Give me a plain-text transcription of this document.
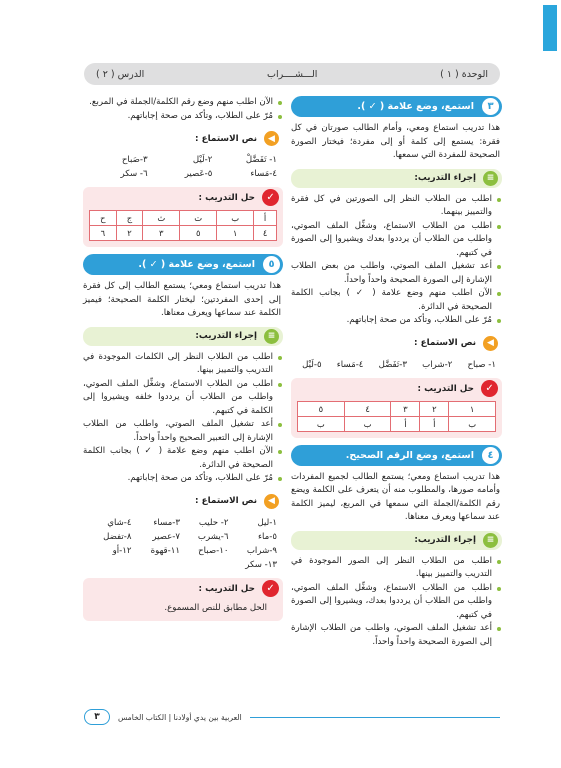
الوحدة ( ١ )
الـــشــــراب
الدرس ( ٢ )
٣
استمع، وضع علامة ( ✓ ).

هذا تدريب استماع ومعي، وأمام الطالب صورتان في كل فقرة: يستمع إلى كلمة أو إلى مفردة؛ فيختار الصورة الصحيحة للمفردة التي سمعها.

≡
إجراء التدريب:
اطلب من الطلاب النظر إلى الصورتين في كل فقرة والتمييز بينهما.
اطلب من الطلاب الاستماع، وشغِّل الملف الصوتي، واطلب من الطلاب أن يرددوا بعدك ويشيروا إلى الصورة في كتبهم.
أعد تشغيل الملف الصوتي، واطلب من بعض الطلاب الإشارة إلى الصورة الصحيحة واحداً واحداً.
الآن اطلب منهم وضع علامة ( ✓ ) بجانب الكلمة الصحيحة في الدائرة.
مُرّ على الطلاب، وتأكد من صحة إجاباتهم.
◀
نص الاستماع :
١- صباح
٢-شراب
٣-تَفَضَّل
٤-مَساء
٥-لَيْل
✓
حل التدريب :
١	٢	٣	٤	٥
ب	أ	أ	ب	ب
٤
استمع، وضع الرقم الصحيح.

هذا تدريب استماع ومعي؛ يستمع الطالب لجميع المفردات وأمامه صورها، والمطلوب منه أن يتعرف على الكلمة ويضع رقم الكلمة/الجملة التي سمعها في المربع، ليميز الكلمة عند سماعها ويعرف معناها.

≡
إجراء التدريب:
اطلب من الطلاب النظر إلى الصور الموجودة في التدريب والتمييز بينها.
اطلب من الطلاب الاستماع، وشغِّل الملف الصوتي، واطلب من الطلاب أن يرددوا بعدك، ويشيروا إلى الصورة في كتبهم.
أعد تشغيل الملف الصوتي، واطلب من الطلاب الإشارة إلى الصورة الصحيحة واحداً واحداً.
الآن اطلب منهم وضع رقم الكلمة/الجملة في المربع.
مُرّ على الطلاب، وتأكد من صحة إجاباتهم.
◀
نص الاستماع :
١- تَفَضَّلْ
٢-لَيْل
٣-صَباح
٤-مَساء
٥-عَصير
٦- سكر
✓
حل التدريب :
أ	ب	ت	ث	ج	ح
٤	١	٥	٣	٢	٦
٥
استمع، وضع علامة ( ✓ ).

هذا تدريب استماع ومعي؛ يستمع الطالب إلى كل فقرة إلى إحدى المفردتين؛ ليختار الكلمة الصحيحة؛ فيميز الكلمة عند سماعها ويعرف معناها.

≡
إجراء التدريب:
اطلب من الطلاب النظر إلى الكلمات الموجودة في التدريب والتمييز بينها.
اطلب من الطلاب الاستماع، وشغِّل الملف الصوتي، واطلب من الطلاب أن يرددوا خلفه ويشيروا إلى الكلمة في كتبهم.
أعد تشغيل الملف الصوتي، واطلب من الطلاب الإشارة إلى التعبير الصحيح واحداً واحداً.
الآن اطلب منهم وضع علامة ( ✓ ) بجانب الكلمة الصحيحة في الدائرة.
مُرّ على الطلاب، وتأكد من صحة إجاباتهم.
◀
نص الاستماع :
١-ليل
٢- حليب
٣-مساء
٤-شاي
٥-ماء
٦-يشرب
٧-عصير
٨-تفضل
٩-شراب
١٠-صباح
١١-قهوة
١٢-أو
١٣- سكر
✓
حل التدريب :
الحل مطابق للنص المسموع.
٣	العربية بين يدي أولادنا | الكتاب الخامس
